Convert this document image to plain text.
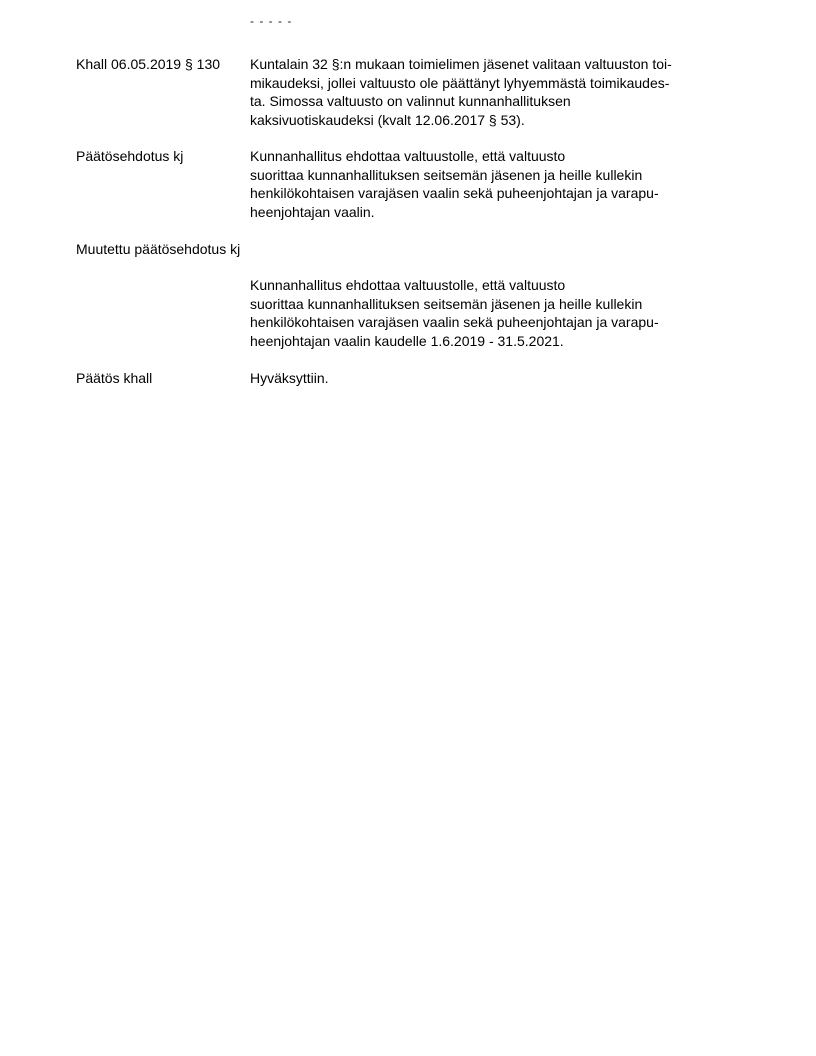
- - - - -
Khall 06.05.2019 § 130 Kuntalain 32 §:n mukaan toimielimen jäsenet valitaan valtuuston toi-
mikaudeksi, jollei valtuusto ole päättänyt lyhyemmästä toimikaudes-
ta. Simossa valtuusto on valinnut kunnanhallituksen
kaksivuotiskaudeksi (kvalt 12.06.2017 § 53).
Päätösehdotus kj	Kunnanhallitus ehdottaa valtuustolle, että valtuusto
suorittaa kunnanhallituksen seitsemän jäsenen ja heille kullekin
henkilökohtaisen varajäsen vaalin sekä puheenjohtajan ja varapu-
heenjohtajan vaalin.
Muutettu päätösehdotus kj
Kunnanhallitus ehdottaa valtuustolle, että valtuusto
suorittaa kunnanhallituksen seitsemän jäsenen ja heille kullekin
henkilökohtaisen varajäsen vaalin sekä puheenjohtajan ja varapu-
heenjohtajan vaalin kaudelle 1.6.2019 - 31.5.2021.
Päätös khall	Hyväksyttiin.
